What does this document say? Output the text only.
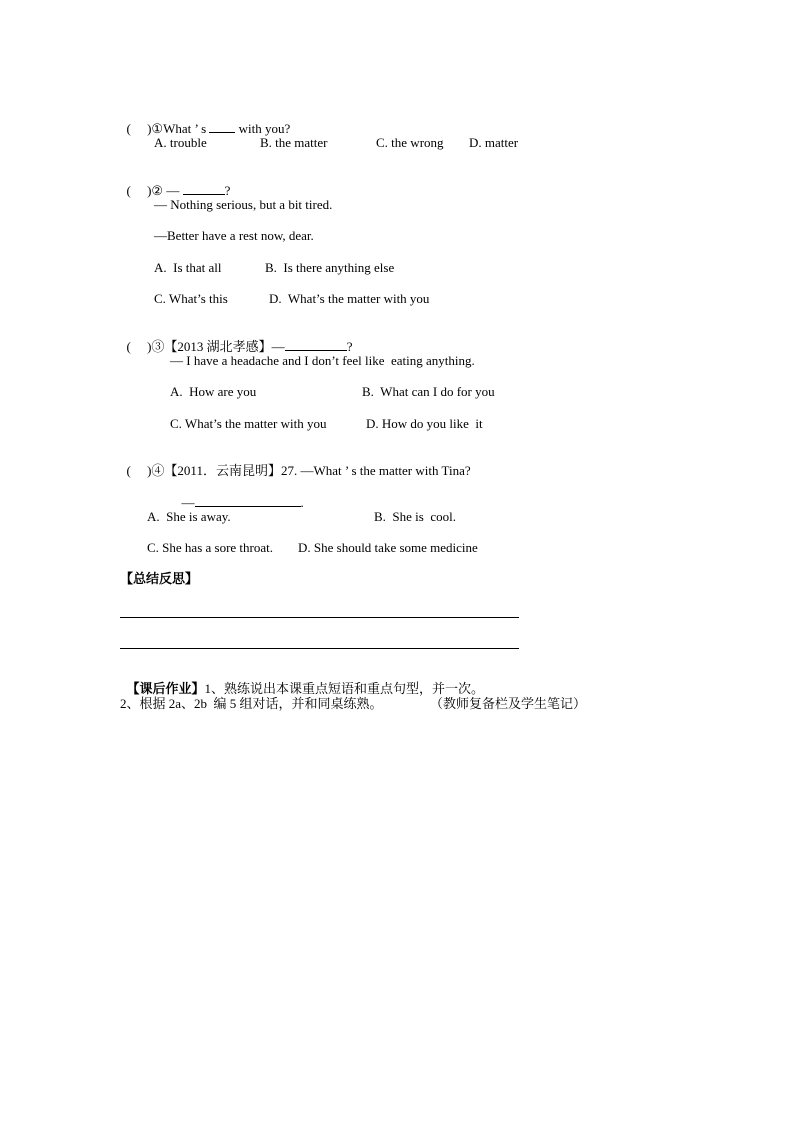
(     )①What ’ s  with you?

A. trouble	B. the matter	C. the wrong D. matter

(     )② —	?

— Nothing serious, but a bit tired.
—Better have a rest now, dear.
A.  Is that all	B.  Is there anything else
C. What’s this	D.  What’s the matter with you

(     )③【2013 湖北孝感】—	?

— I have a headache and I don’t feel like  eating anything.
A.  How are you	B.  What can I do for you
C. What’s the matter with you	D. How do you like  it

(     )④【2011．云南昆明】27. —What ’ s the matter with Tina?

—	.

A.  She is away.	B.  She is  cool.
C. She has a sore throat. D. She should take some medicine
【总结反思】

【课后作业】1、熟练说出本课重点短语和重点句型，并一次。

2、根据 2a、2b  编 5 组对话，并和同桌练熟。	（教师复备栏及学生笔记）
